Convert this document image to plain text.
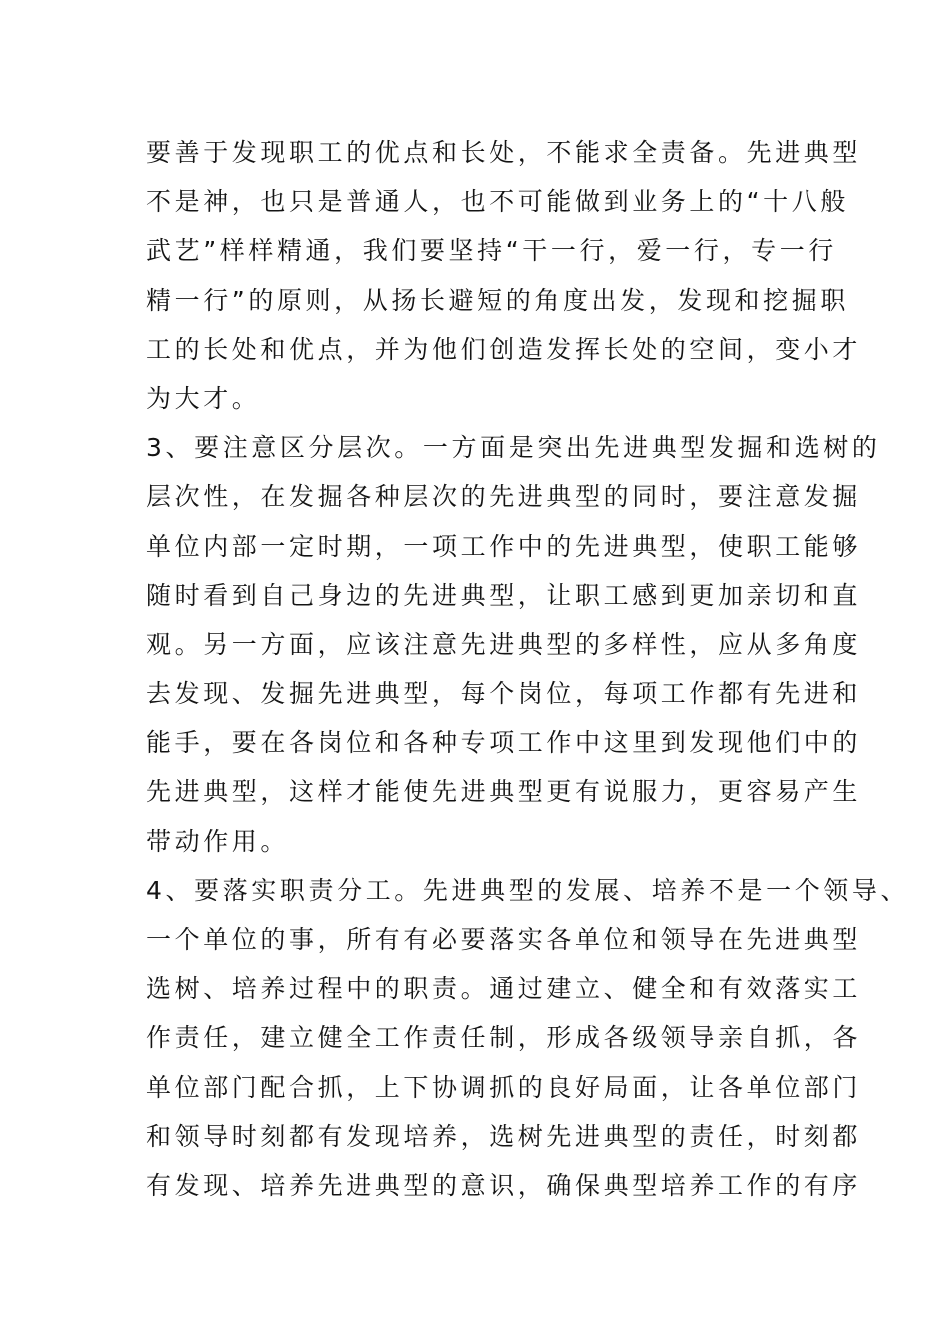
要善于发现职工的优点和长处，不能求全责备。先进典型
不是神，也只是普通人，也不可能做到业务上的“十八般
武艺”样样精通，我们要坚持“干一行，爱一行，专一行
精一行”的原则，从扬长避短的角度出发，发现和挖掘职
工的长处和优点，并为他们创造发挥长处的空间，变小才
为大才。
3、要注意区分层次。一方面是突出先进典型发掘和选树的
层次性，在发掘各种层次的先进典型的同时，要注意发掘
单位内部一定时期，一项工作中的先进典型，使职工能够
随时看到自己身边的先进典型，让职工感到更加亲切和直
观。另一方面，应该注意先进典型的多样性，应从多角度
去发现、发掘先进典型，每个岗位，每项工作都有先进和
能手，要在各岗位和各种专项工作中这里到发现他们中的
先进典型，这样才能使先进典型更有说服力，更容易产生
带动作用。
4、要落实职责分工。先进典型的发展、培养不是一个领导、
一个单位的事，所有有必要落实各单位和领导在先进典型
选树、培养过程中的职责。通过建立、健全和有效落实工
作责任，建立健全工作责任制，形成各级领导亲自抓，各
单位部门配合抓，上下协调抓的良好局面，让各单位部门
和领导时刻都有发现培养，选树先进典型的责任，时刻都
有发现、培养先进典型的意识，确保典型培养工作的有序
